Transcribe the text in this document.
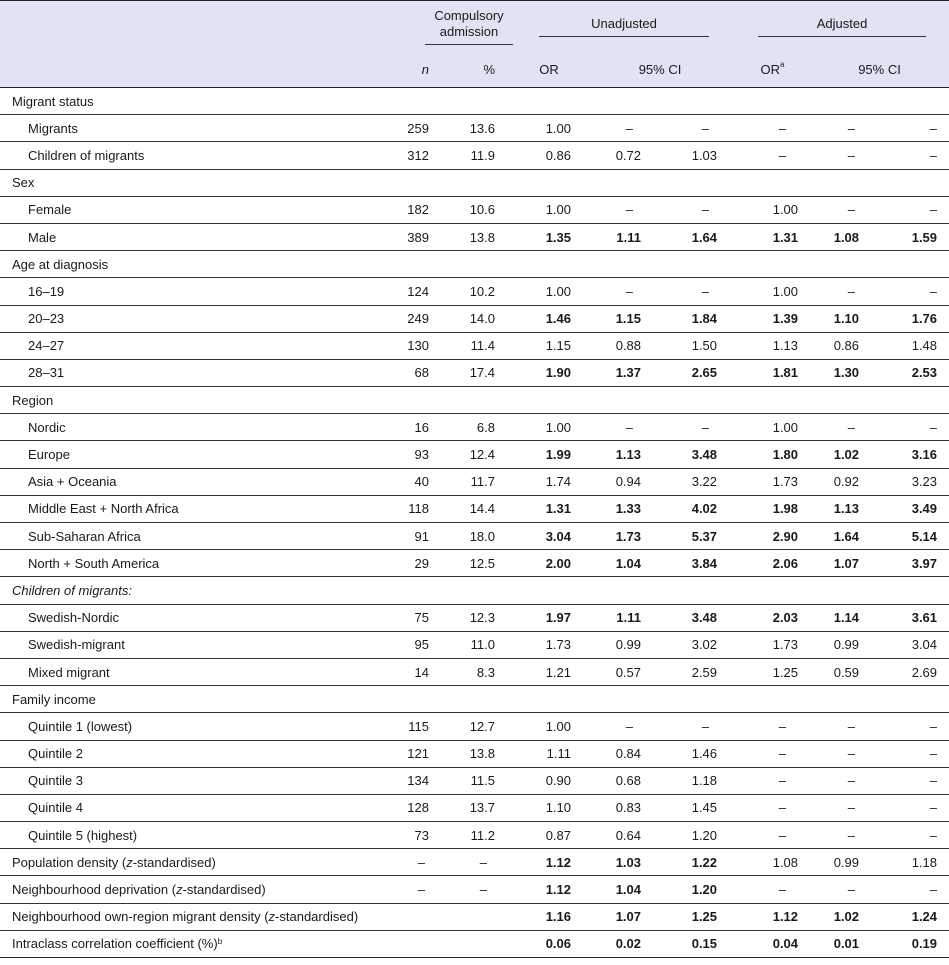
	Compulsory
admission		Unadjusted			Adjusted		
	n	%	OR	95% CI		$OR^a$	95% CI	
Migrant status								
Migrants	259	13.6	1.00	–	–	–	–	–
Children of migrants	312	11.9	0.86	0.72	1.03	–	–	–
Sex								
Female	182	10.6	1.00	–	–	1.00	–	–
Male	389	13.8	1.35	1.11	1.64	1.31	1.08	1.59
Age at diagnosis								
16–19	124	10.2	1.00	–	–	1.00	–	–
20–23	249	14.0	1.46	1.15	1.84	1.39	1.10	1.76
24–27	130	11.4	1.15	0.88	1.50	1.13	0.86	1.48
28–31	68	17.4	1.90	1.37	2.65	1.81	1.30	2.53
Region								
Nordic	16	6.8	1.00	–	–	1.00	–	–
Europe	93	12.4	1.99	1.13	3.48	1.80	1.02	3.16
Asia + Oceania	40	11.7	1.74	0.94	3.22	1.73	0.92	3.23
Middle East + North Africa	118	14.4	1.31	1.33	4.02	1.98	1.13	3.49
Sub-Saharan Africa	91	18.0	3.04	1.73	5.37	2.90	1.64	5.14
North + South America	29	12.5	2.00	1.04	3.84	2.06	1.07	3.97
Children of migrants:								
Swedish-Nordic	75	12.3	1.97	1.11	3.48	2.03	1.14	3.61
Swedish-migrant	95	11.0	1.73	0.99	3.02	1.73	0.99	3.04
Mixed migrant	14	8.3	1.21	0.57	2.59	1.25	0.59	2.69
Family income								
Quintile 1 (lowest)	115	12.7	1.00	–	–	–	–	–
Quintile 2	121	13.8	1.11	0.84	1.46	–	–	–
Quintile 3	134	11.5	0.90	0.68	1.18	–	–	–
Quintile 4	128	13.7	1.10	0.83	1.45	–	–	–
Quintile 5 (highest)	73	11.2	0.87	0.64	1.20	–	–	–
Population density (z-standardised)	–	–	1.12	1.03	1.22	1.08	0.99	1.18
Neighbourhood deprivation (z-standardised)	–	–	1.12	1.04	1.20	–	–	–
Neighbourhood own-region migrant density (z-standardised)			1.16	1.07	1.25	1.12	1.02	1.24
Intraclass correlation coefficient (%)$^b$			0.06	0.02	0.15	0.04	0.01	0.19
